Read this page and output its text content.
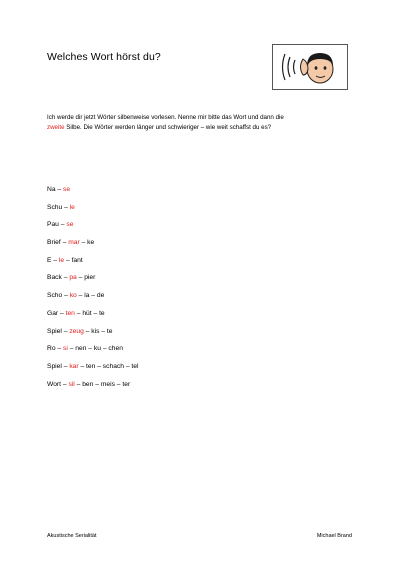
Welches Wort hörst du?
Ich werde dir jetzt Wörter silbenweise vorlesen. Nenne mir bitte das Wort und dann die
zweite Silbe. Die Wörter werden länger und schwieriger – wie weit schaffst du es?
Na – se
Schu – le
Pau – se
Brief – mar – ke
E – le – fant
Back – pa – pier
Scho – ko – la – de
Gar – ten – hüt – te
Spiel – zeug – kis – te
Ro – si – nen – ku – chen
Spiel – kar – ten – schach – tel
Wort – sil – ben – meis – ter
Akustische Serialität	Michael Brand
